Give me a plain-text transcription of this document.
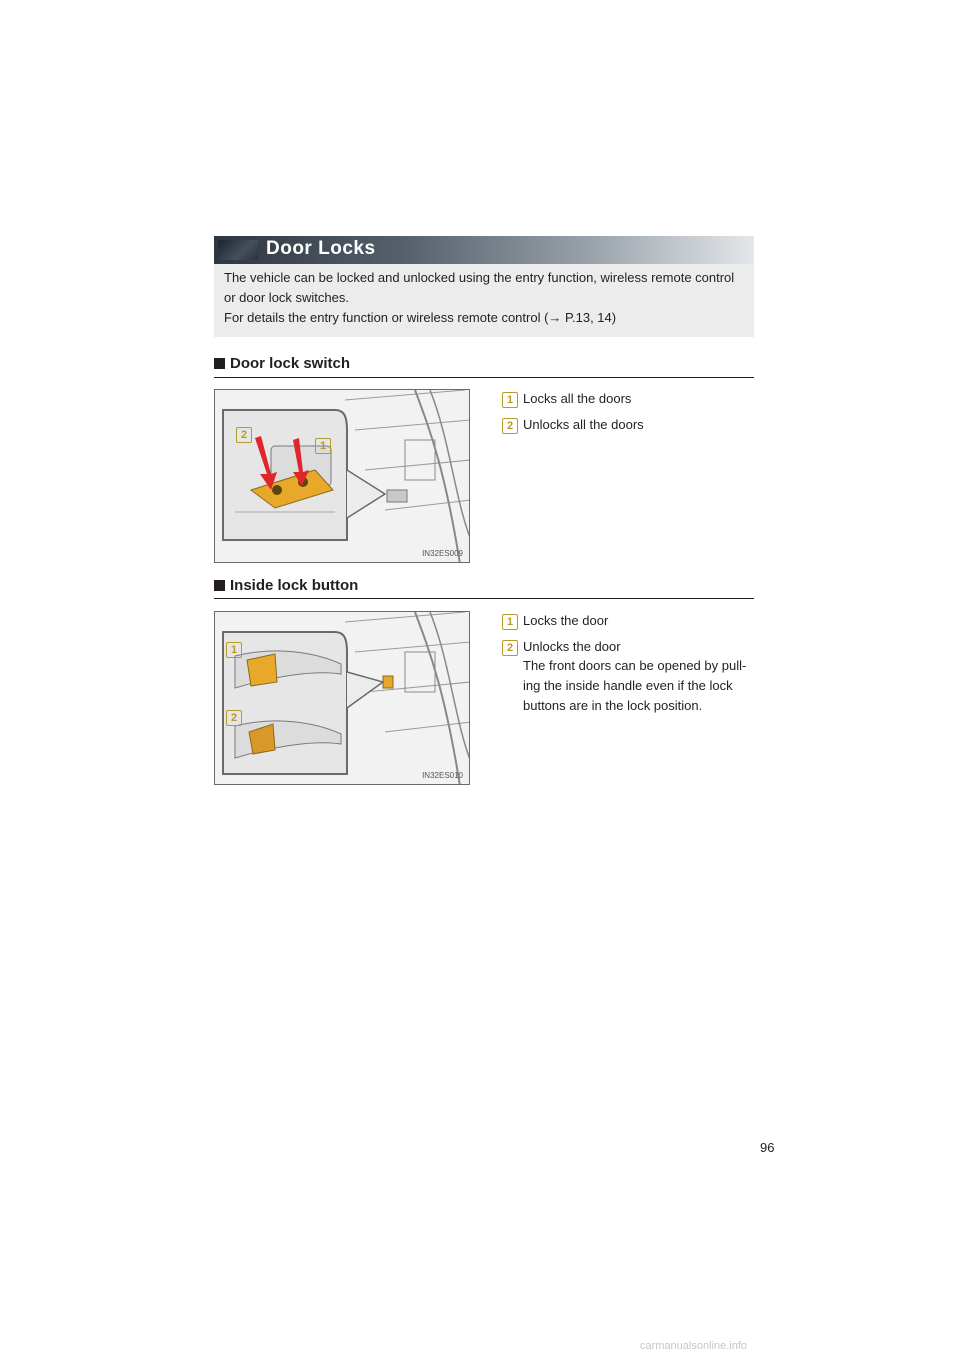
Door Locks
The vehicle can be locked and unlocked using the entry function, wireless remote control
or door lock switches.
For details the entry function or wireless remote control (→ P.13, 14)
Door lock switch
2
1
IN32ES009
1 Locks all the doors
2 Unlocks all the doors
Inside lock button
1
2
IN32ES010
1 Locks the door
2 Unlocks the door
The front doors can be opened by pull-
ing the inside handle even if the lock
buttons are in the lock position.
96
carmanualsonline.info
